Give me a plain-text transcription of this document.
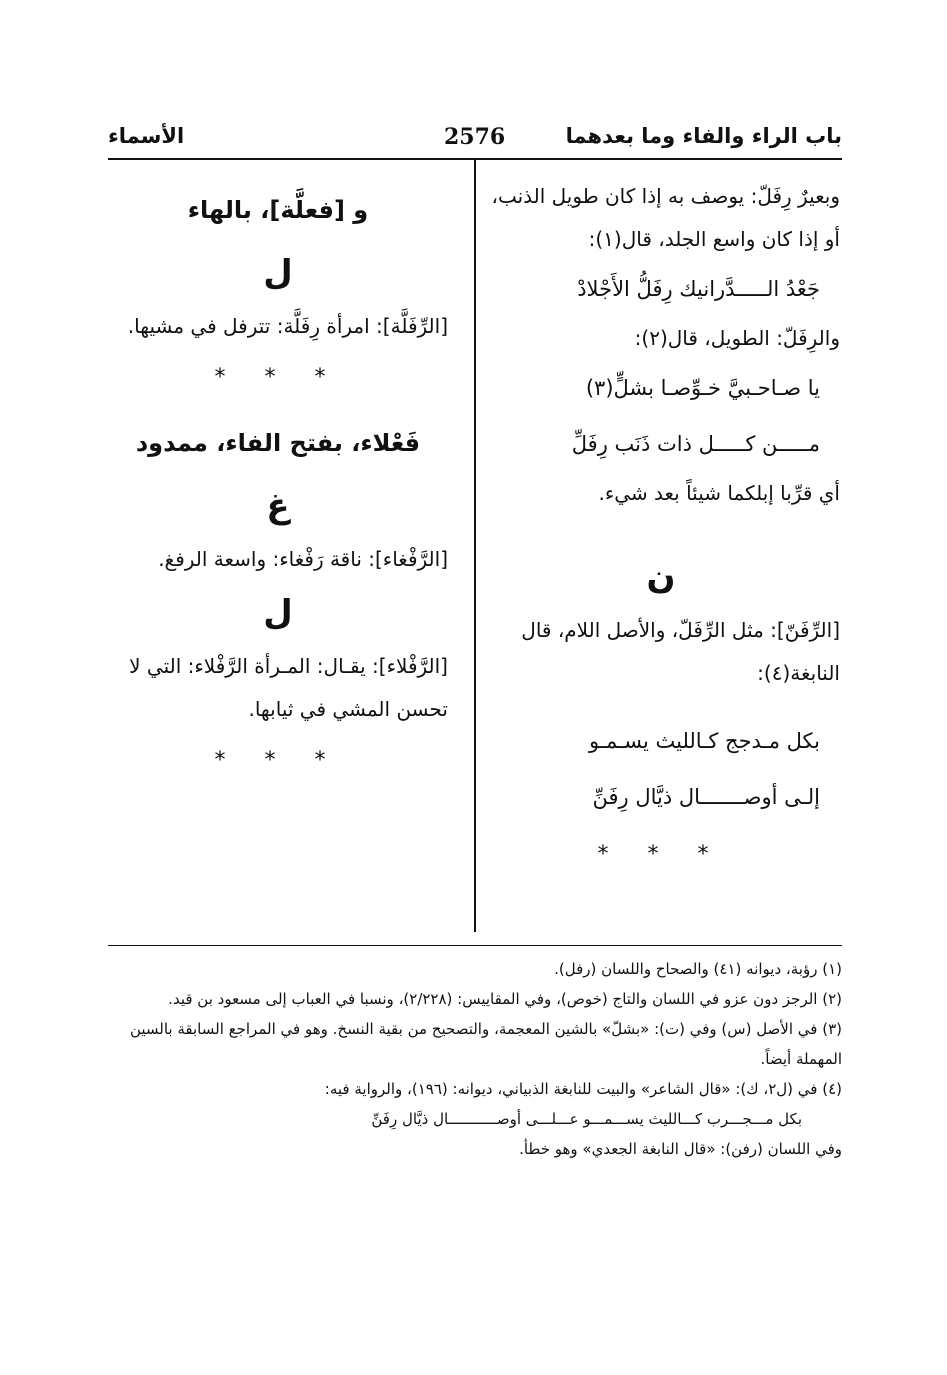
باب الراء والفاء وما بعدهما
2576
الأسماء

وبعيرٌ رِفَلّ: يوصف به إذا كان طويل الذنب، أو إذا كان واسع الجلد، قال(١):

جَعْدُ الـــــدَّرانيك رِفَلُّ الأَجْلادْ

والرِفَلّ: الطويل، قال(٢):

يا صـاحـبيَّ خـوِّصـا بشلٍّ(٣)

مـــــن كـــــل ذات ذَنَب رِفَلِّ

أي قرِّبا إبلكما شيئاً بعد شيء.

ن

[الرِّفَنّ]: مثل الرِّفَلّ، والأصل اللام، قال النابغة(٤):

بكل مـدجج كـالليث يسـمـو

إلـى أوصـــــــال ذيَّال رِفَنِّ

* * *

و [فعلَّة]، بالهاء
ل

[الرِّفَلَّة]: امرأة رِفَلَّة: تترفل في مشيها.

* * *

فَعْلاء، بفتح الفاء، ممدود
غ

[الرَّفْغاء]: ناقة رَفْغاء: واسعة الرفغ.

ل

[الرَّفْلاء]: يقـال: المـرأة الرَّفْلاء: التي لا تحسن المشي في ثيابها.

* * *

(١) رؤبة، ديوانه (٤١) والصحاح واللسان (رفل).

(٢) الرجز دون عزو في اللسان والتاج (خوص)، وفي المقاييس: (٢/٢٢٨)، ونسبا في العباب إلى مسعود بن قيد.

(٣) في الأصل (س) وفي (ت): «بشلّ» بالشين المعجمة، والتصحيح من بقية النسخ. وهو في المراجع السابقة بالسين المهملة أيضاً.

(٤) في (ل٢، ك): «قال الشاعر» والبيت للنابغة الذبياني، ديوانه: (١٩٦)، والرواية فيه:

بكل مـــجـــرب كـــالليث يســـمـــو عـــلـــى أوصـــــــــــال ذيَّال رِفَنِّ

وفي اللسان (رفن): «قال النابغة الجعدي» وهو خطأ.
